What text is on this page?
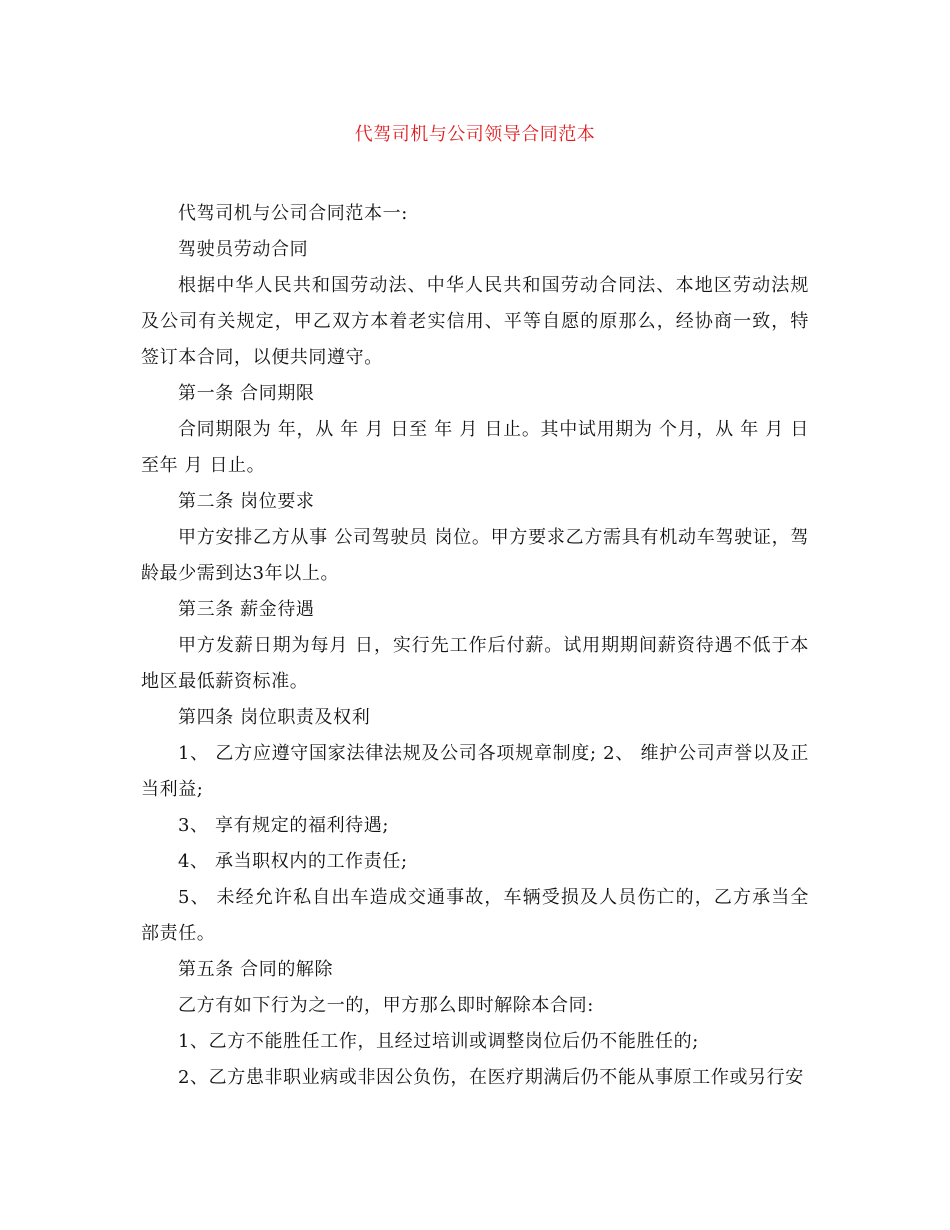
代驾司机与公司领导合同范本

代驾司机与公司合同范本一:

驾驶员劳动合同

根据中华人民共和国劳动法、中华人民共和国劳动合同法、本地区劳动法规及公司有关规定，甲乙双方本着老实信用、平等自愿的原那么，经协商一致，特签订本合同，以便共同遵守。

第一条 合同期限

合同期限为 年，从 年 月 日至 年 月 日止。其中试用期为 个月，从 年 月 日至年 月 日止。

第二条 岗位要求

甲方安排乙方从事 公司驾驶员 岗位。甲方要求乙方需具有机动车驾驶证，驾龄最少需到达3年以上。

第三条 薪金待遇

甲方发薪日期为每月 日，实行先工作后付薪。试用期期间薪资待遇不低于本地区最低薪资标准。

第四条 岗位职责及权利

1、 乙方应遵守国家法律法规及公司各项规章制度; 2、 维护公司声誉以及正当利益;

3、 享有规定的福利待遇;

4、 承当职权内的工作责任;

5、 未经允许私自出车造成交通事故，车辆受损及人员伤亡的，乙方承当全部责任。

第五条 合同的解除

乙方有如下行为之一的，甲方那么即时解除本合同:

1、乙方不能胜任工作，且经过培训或调整岗位后仍不能胜任的;

2、乙方患非职业病或非因公负伤，在医疗期满后仍不能从事原工作或另行安
